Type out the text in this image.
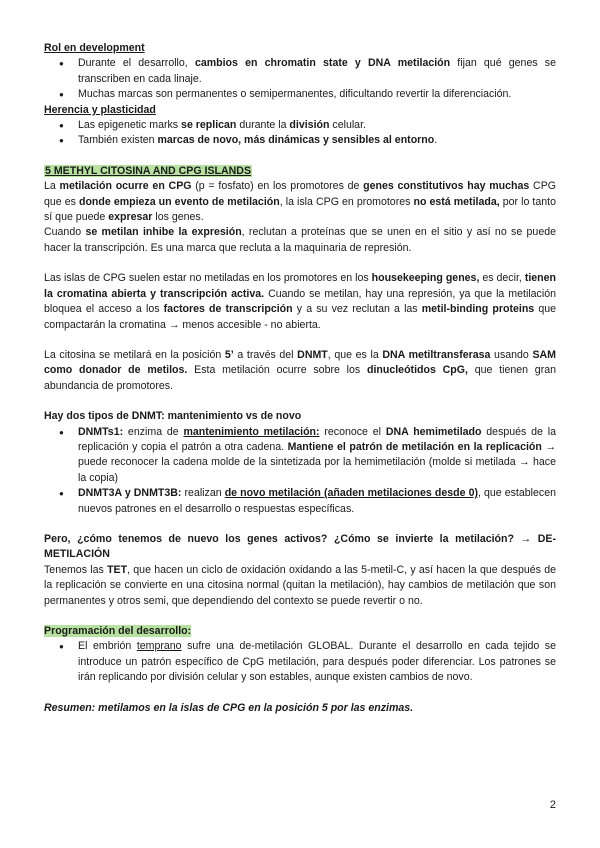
Rol en development

● Durante el desarrollo, cambios en chromatin state y DNA metilación fijan qué genes se transcriben en cada linaje.
● Muchas marcas son permanentes o semipermanentes, dificultando revertir la diferenciación.

Herencia y plasticidad

● Las epigenetic marks se replican durante la división celular.
● También existen marcas de novo, más dinámicas y sensibles al entorno.

5 METHYL CITOSINA AND CPG ISLANDS

La metilación ocurre en CPG (p = fosfato) en los promotores de genes constitutivos hay muchas CPG que es donde empieza un evento de metilación, la isla CPG en promotores no está metilada, por lo tanto sí que puede expresar los genes.

Cuando se metilan inhibe la expresión, reclutan a proteínas que se unen en el sitio y así no se puede hacer la transcripción. Es una marca que recluta a la maquinaria de represión.

Las islas de CPG suelen estar no metiladas en los promotores en los housekeeping genes, es decir, tienen la cromatina abierta y transcripción activa. Cuando se metilan, hay una represión, ya que la metilación bloquea el acceso a los factores de transcripción y a su vez reclutan a las metil-binding proteins que compactarán la cromatina → menos accesible - no abierta.

La citosina se metilará en la posición 5’ a través del DNMT, que es la DNA metiltransferasa usando SAM como donador de metilos. Esta metilación ocurre sobre los dinucleótidos CpG, que tienen gran abundancia de promotores.

Hay dos tipos de DNMT: mantenimiento vs de novo

● DNMTs1: enzima de mantenimiento metilación: reconoce el DNA hemimetilado después de la replicación y copia el patrón a otra cadena. Mantiene el patrón de metilación en la replicación → puede reconocer la cadena molde de la sintetizada por la hemimetilación (molde si metilada → hace la copia)
● DNMT3A y DNMT3B: realizan de novo metilación (añaden metilaciones desde 0), que establecen nuevos patrones en el desarrollo o respuestas específicas.

Pero, ¿cómo tenemos de nuevo los genes activos? ¿Cómo se invierte la metilación? → DE-METILACIÓN

Tenemos las TET, que hacen un ciclo de oxidación oxidando a las 5-metil-C, y así hacen la que después de la replicación se convierte en una citosina normal (quitan la metilación), hay cambios de metilación que son permanentes y otros semi, que dependiendo del contexto se puede revertir o no.

Programación del desarrollo:

● El embrión temprano sufre una de-metilación GLOBAL. Durante el desarrollo en cada tejido se introduce un patrón específico de CpG metilación, para después poder diferenciar. Los patrones se irán replicando por división celular y son estables, aunque existen cambios de novo.

Resumen: metilamos en la islas de CPG en la posición 5 por las enzimas.

2
